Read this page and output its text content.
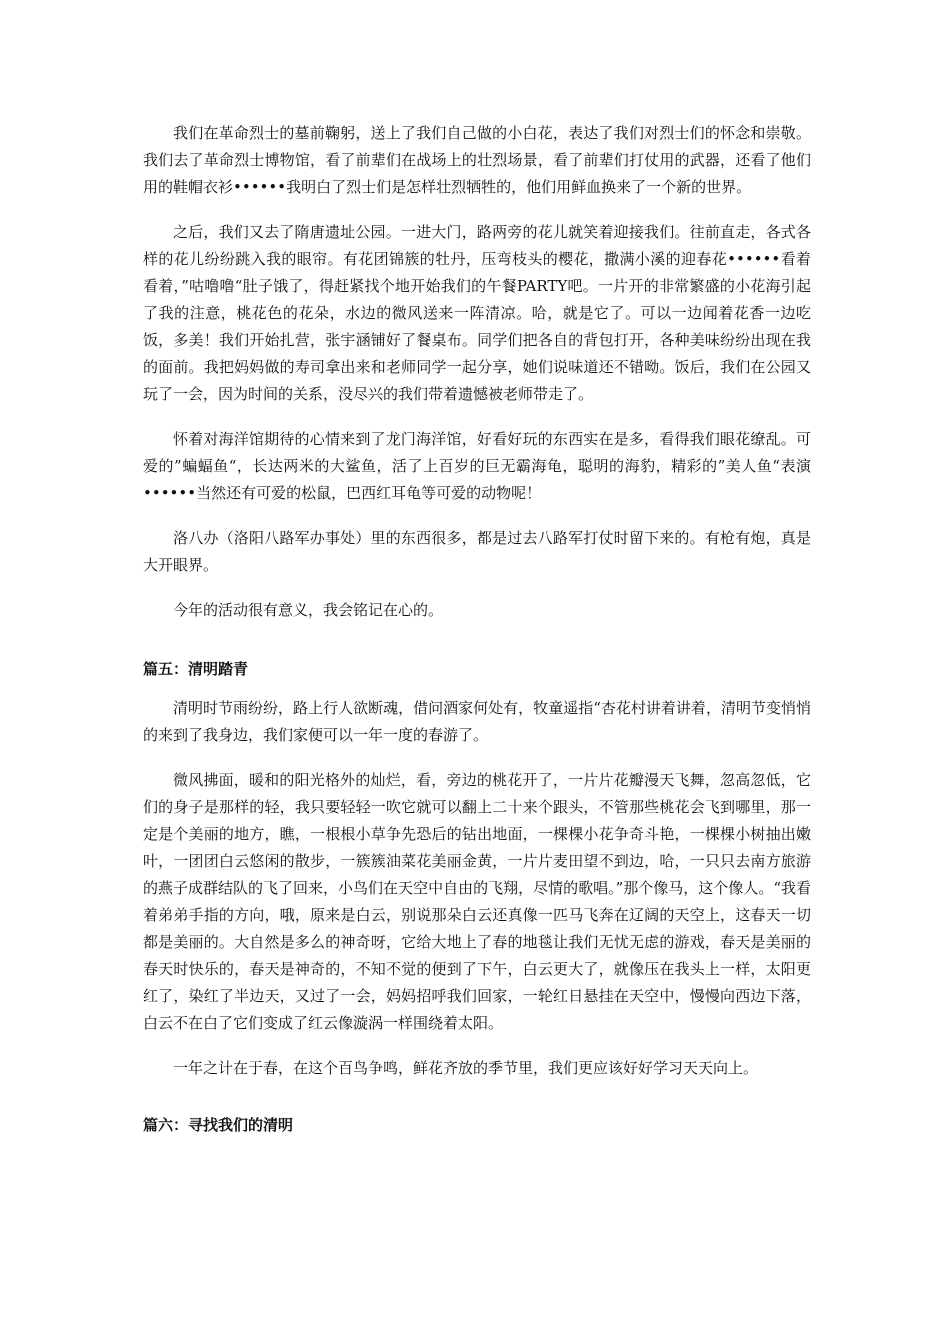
我们在革命烈士的墓前鞠躬，送上了我们自己做的小白花，表达了我们对烈士们的怀念和崇敬。我们去了革命烈士博物馆，看了前辈们在战场上的壮烈场景，看了前辈们打仗用的武器，还看了他们用的鞋帽衣衫••••••我明白了烈士们是怎样壮烈牺牲的，他们用鲜血换来了一个新的世界。

之后，我们又去了隋唐遗址公园。一进大门，路两旁的花儿就笑着迎接我们。往前直走，各式各样的花儿纷纷跳入我的眼帘。有花团锦簇的牡丹，压弯枝头的樱花，撒满小溪的迎春花••••••看着看着，”咕噜噜“肚子饿了，得赶紧找个地开始我们的午餐PARTY吧。一片开的非常繁盛的小花海引起了我的注意，桃花色的花朵，水边的微风送来一阵清凉。哈，就是它了。可以一边闻着花香一边吃饭，多美！我们开始扎营，张宇涵铺好了餐桌布。同学们把各自的背包打开，各种美味纷纷出现在我的面前。我把妈妈做的寿司拿出来和老师同学一起分享，她们说味道还不错呦。饭后，我们在公园又玩了一会，因为时间的关系，没尽兴的我们带着遗憾被老师带走了。

怀着对海洋馆期待的心情来到了龙门海洋馆，好看好玩的东西实在是多，看得我们眼花缭乱。可爱的”蝙蝠鱼“，长达两米的大鲨鱼，活了上百岁的巨无霸海龟，聪明的海豹，精彩的”美人鱼“表演••••••当然还有可爱的松鼠，巴西红耳龟等可爱的动物呢！

洛八办（洛阳八路军办事处）里的东西很多，都是过去八路军打仗时留下来的。有枪有炮，真是大开眼界。

今年的活动很有意义，我会铭记在心的。

篇五：清明踏青

清明时节雨纷纷，路上行人欲断魂，借问酒家何处有，牧童遥指“杏花村讲着讲着，清明节变悄悄的来到了我身边，我们家便可以一年一度的春游了。

微风拂面，暖和的阳光格外的灿烂，看，旁边的桃花开了，一片片花瓣漫天飞舞，忽高忽低，它们的身子是那样的轻，我只要轻轻一吹它就可以翻上二十来个跟头，不管那些桃花会飞到哪里，那一定是个美丽的地方，瞧，一根根小草争先恐后的钻出地面，一棵棵小花争奇斗艳，一棵棵小树抽出嫩叶，一团团白云悠闲的散步，一簇簇油菜花美丽金黄，一片片麦田望不到边，哈，一只只去南方旅游的燕子成群结队的飞了回来，小鸟们在天空中自由的飞翔，尽情的歌唱。”那个像马，这个像人。“我看着弟弟手指的方向，哦，原来是白云，别说那朵白云还真像一匹马飞奔在辽阔的天空上，这春天一切都是美丽的。大自然是多么的神奇呀，它给大地上了春的地毯让我们无忧无虑的游戏，春天是美丽的春天时快乐的，春天是神奇的，不知不觉的便到了下午，白云更大了，就像压在我头上一样，太阳更红了，染红了半边天，又过了一会，妈妈招呼我们回家，一轮红日悬挂在天空中，慢慢向西边下落，白云不在白了它们变成了红云像漩涡一样围绕着太阳。

一年之计在于春，在这个百鸟争鸣，鲜花齐放的季节里，我们更应该好好学习天天向上。

篇六：寻找我们的清明
